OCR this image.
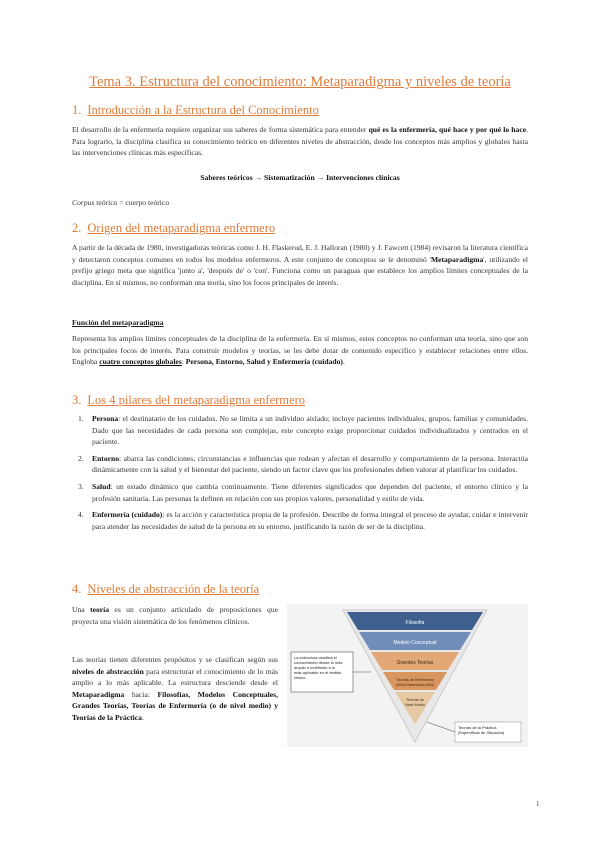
Tema 3. Estructura del conocimiento: Metaparadigma y niveles de teoría
1. Introducción a la Estructura del Conocimiento
El desarrollo de la enfermería requiere organizar sus saberes de forma sistemática para entender qué es la enfermería, qué hace y por qué lo hace. Para lograrlo, la disciplina clasifica su conocimiento teórico en diferentes niveles de abstracción, desde los conceptos más amplios y globales hasta las intervenciones clínicas más específicas.
Saberes teóricos → Sistematización → Intervenciones clínicas
Corpus teórico = cuerpo teórico
2. Origen del metaparadigma enfermero
A partir de la década de 1980, investigadoras teóricas como J. H. Flaskerud, E. J. Halloran (1980) y J. Fawcett (1984) revisaron la literatura científica y detectaron conceptos comunes en todos los modelos enfermeros. A este conjunto de conceptos se le denominó 'Metaparadigma', utilizando el prefijo griego meta que significa 'junto a', 'después de' o 'con'. Funciona como un paraguas que establece los amplios límites conceptuales de la disciplina. En sí mismos, no conforman una teoría, sino los focos principales de interés.
Función del metaparadigma
Representa los amplios límites conceptuales de la disciplina de la enfermería. En sí mismos, estos conceptos no conforman una teoría, sino que son los principales focos de interés. Para construir modelos y teorías, se les debe dotar de contenido específico y establecer relaciones entre ellos. Engloba cuatro conceptos globales: Persona, Entorno, Salud y Enfermería (cuidado).
3. Los 4 pilares del metaparadigma enfermero
1. Persona: el destinatario de los cuidados. No se limita a un individuo aislado; incluye pacientes individuales, grupos, familias y comunidades. Dado que las necesidades de cada persona son complejas, este concepto exige proporcionar cuidados individualizados y centrados en el paciente.
2. Entorno: abarca las condiciones, circunstancias e influencias que rodean y afectan el desarrollo y comportamiento de la persona. Interactúa dinámicamente con la salud y el bienestar del paciente, siendo un factor clave que los profesionales deben valorar al planificar los cuidados.
3. Salud: un estado dinámico que cambia continuamente. Tiene diferentes significados que dependen del paciente, el entorno clínico y la profesión sanitaria. Las personas la definen en relación con sus propios valores, personalidad y estilo de vida.
4. Enfermería (cuidado): es la acción y característica propia de la profesión. Describe de forma integral el proceso de ayudar, cuidar e intervenir para atender las necesidades de salud de la persona en su entorno, justificando la razón de ser de la disciplina.
4. Niveles de abstracción de la teoría
Una teoría es un conjunto articulado de proposiciones que proyecta una visión sistemática de los fenómenos clínicos.
Las teorías tienen diferentes propósitos y se clasifican según sus niveles de abstracción para estructurar el conocimiento de lo más amplio a lo más aplicable. La estructura desciende desde el Metaparadigma hacia: Filosofías, Modelos Conceptuales, Grandes Teorías, Teorías de Enfermería (o de nivel medio) y Teorías de la Práctica.
Filosofía
Modelo Conceptual
Grandes Teorías
Teorías de Enfermería (Nivel Intermedio-NIN)
Teorías de Nivel Medio
La estructura clasifica el conocimiento desde lo más amplio e indefinido a lo más aplicable en el ámbito clínico.
Teorías de la Práctica (Específicas de Situación)
1
